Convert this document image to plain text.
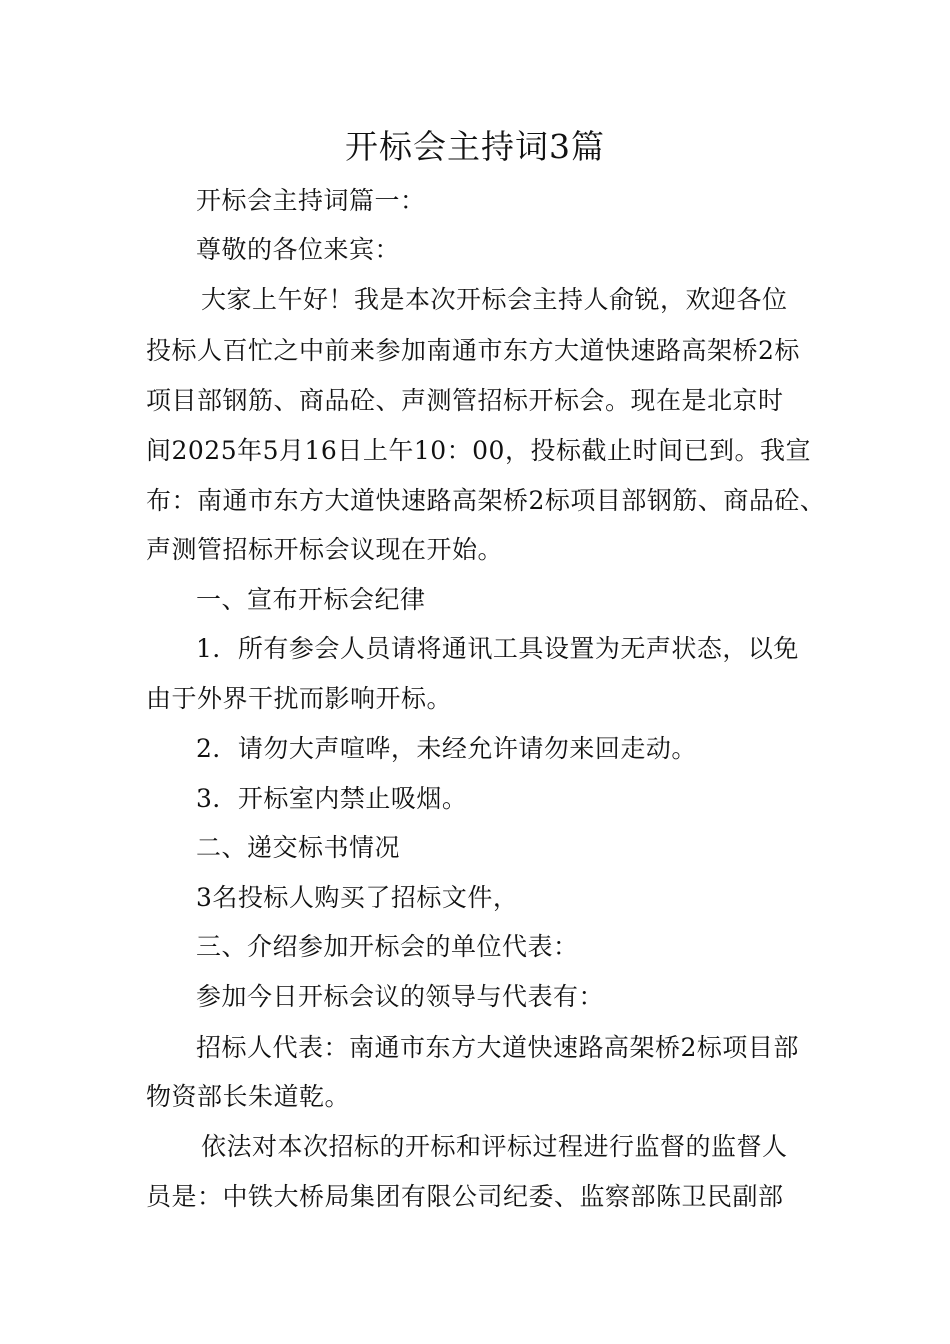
开标会主持词3篇
开标会主持词篇一：
尊敬的各位来宾：
大家上午好！我是本次开标会主持人俞锐，欢迎各位
投标人百忙之中前来参加南通市东方大道快速路高架桥2标
项目部钢筋、商品砼、声测管招标开标会。现在是北京时
间2025年5月16日上午10：00，投标截止时间已到。我宣
布：南通市东方大道快速路高架桥2标项目部钢筋、商品砼、
声测管招标开标会议现在开始。
一、宣布开标会纪律
1．所有参会人员请将通讯工具设置为无声状态，以免
由于外界干扰而影响开标。
2．请勿大声喧哗，未经允许请勿来回走动。
3．开标室内禁止吸烟。
二、递交标书情况
3名投标人购买了招标文件，
三、介绍参加开标会的单位代表：
参加今日开标会议的领导与代表有：
招标人代表：南通市东方大道快速路高架桥2标项目部
物资部长朱道乾。
依法对本次招标的开标和评标过程进行监督的监督人
员是：中铁大桥局集团有限公司纪委、监察部陈卫民副部
